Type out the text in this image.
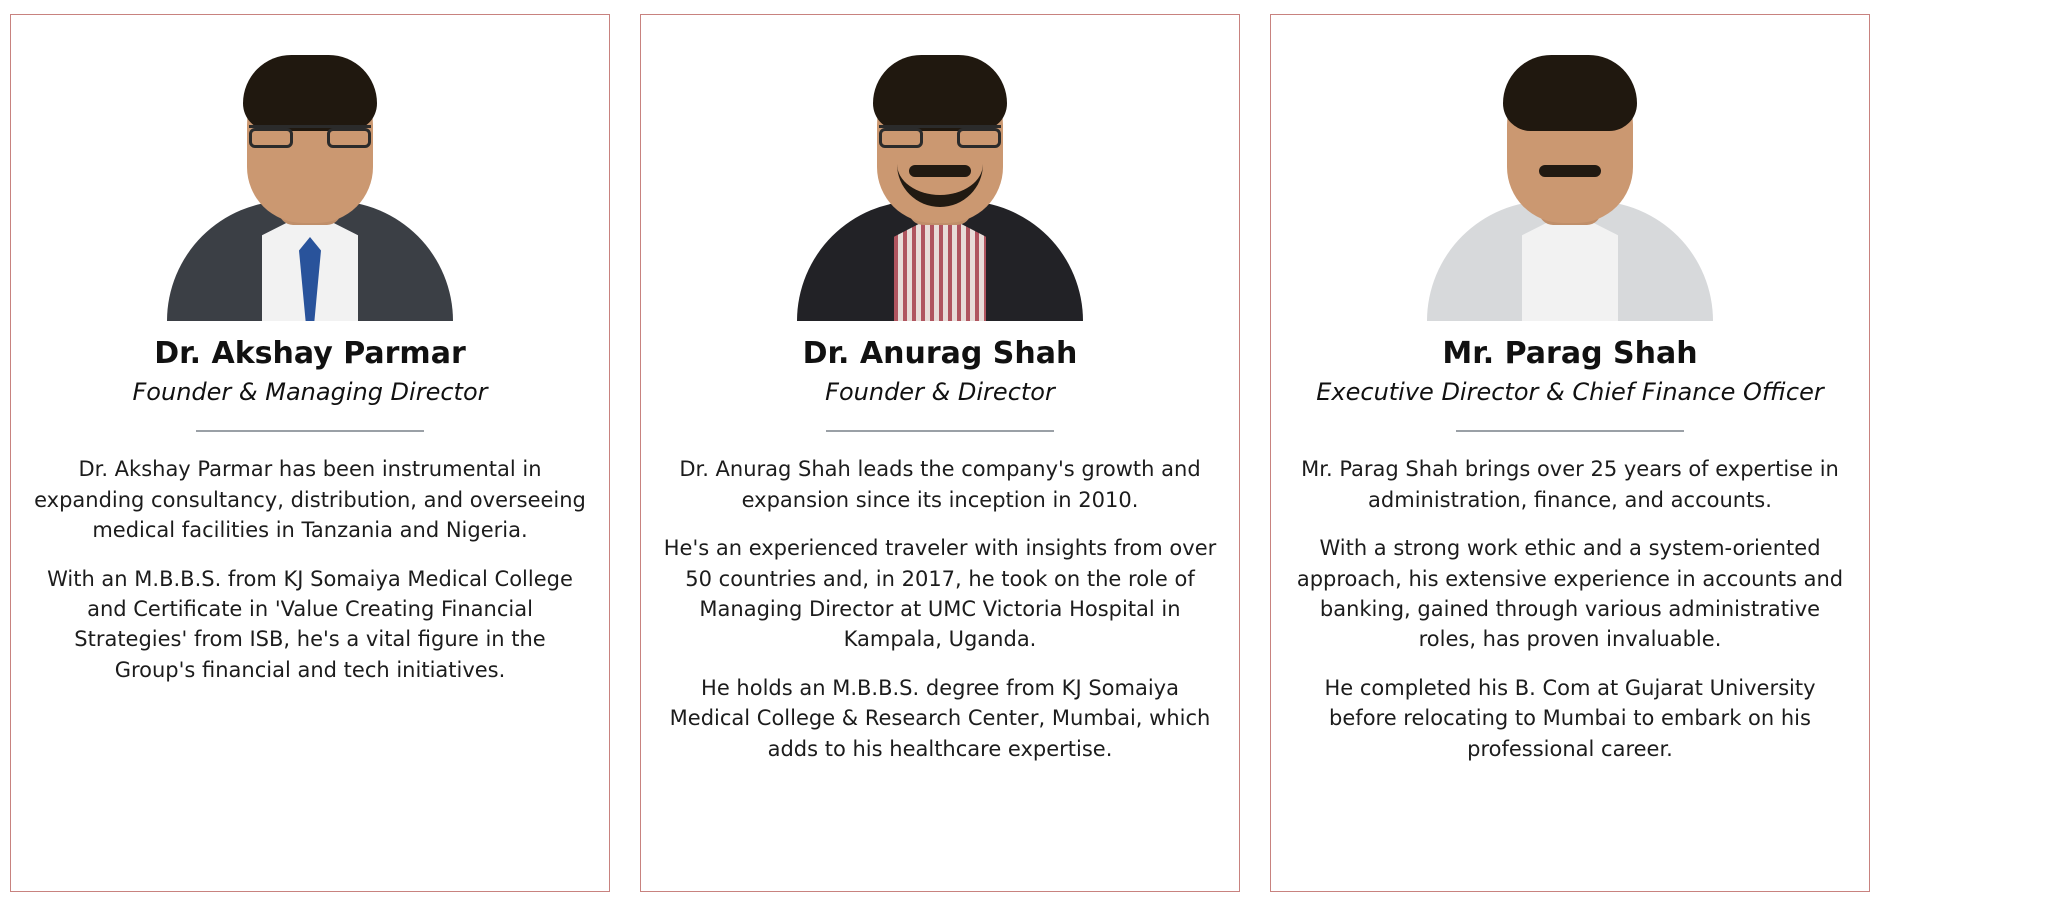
Dr. Akshay Parmar
Founder & Managing Director

Dr. Akshay Parmar has been instrumental in expanding consultancy, distribution, and overseeing medical facilities in Tanzania and Nigeria.

With an M.B.B.S. from KJ Somaiya Medical College and Certificate in 'Value Creating Financial Strategies' from ISB, he's a vital figure in the Group's financial and tech initiatives.

Dr. Anurag Shah
Founder & Director

Dr. Anurag Shah leads the company's growth and expansion since its inception in 2010.

He's an experienced traveler with insights from over 50 countries and, in 2017, he took on the role of Managing Director at UMC Victoria Hospital in Kampala, Uganda.

He holds an M.B.B.S. degree from KJ Somaiya Medical College & Research Center, Mumbai, which adds to his healthcare expertise.

Mr. Parag Shah
Executive Director & Chief Finance Officer

Mr. Parag Shah brings over 25 years of expertise in administration, finance, and accounts.

With a strong work ethic and a system-oriented approach, his extensive experience in accounts and banking, gained through various administrative roles, has proven invaluable.

He completed his B. Com at Gujarat University before relocating to Mumbai to embark on his professional career.
